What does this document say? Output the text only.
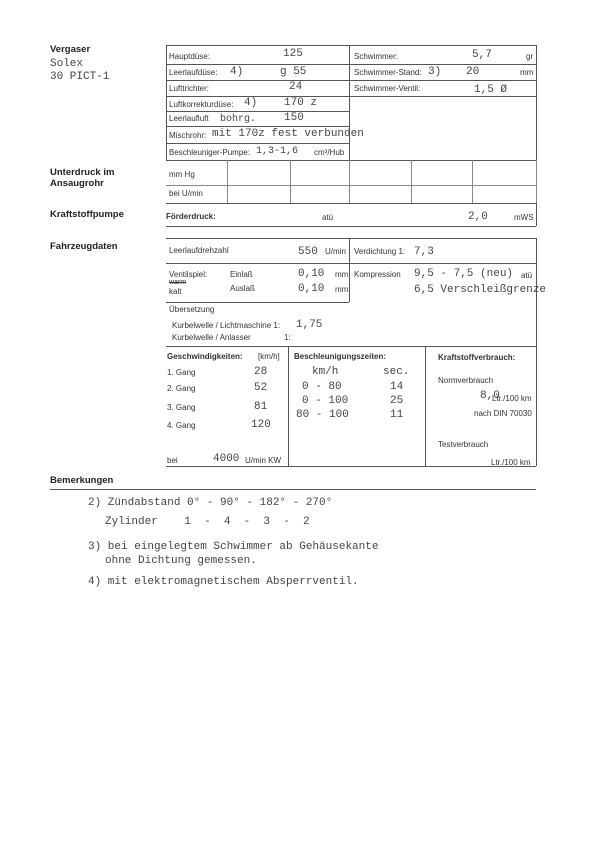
Vergaser
Solex
30 PICT-1
Hauptdüse:	125
Leerlaufdüse: 4)	g 55
Lufttrichter:	24
Luftkorrekturdüse: 4) 170 z
Leerlaufluft bohrg.	150
Mischrohr: mit 170z fest verbunden
Beschleuniger-Pumpe: 1,3-1,6 cm³/Hub
Schwimmer:	5,7	gr
Schwimmer-Stand: 3) 20	mm
Schwimmer-Ventil:	1,5 Ø
Unterdruck im
Ansaugrohr
mm Hg
bei U/min
Kraftstoffpumpe	Förderdruck:	atü	2,0	mWS
Fahrzeugdaten	Leerlaufdrehzahl	550 U/min Verdichtung 1: 7,3
Ventilspiel:
warm
kalt
Einlaß	0,10 mm
Auslaß	0,10 mm
Kompression 9,5 - 7,5 (neu) atü
6,5 Verschleißgrenze
Übersetzung
Kurbelwelle / Lichtmaschine 1: 1,75
Kurbelwelle / Anlasser	1:
Geschwindigkeiten: [km/h]
1. Gang	28
2. Gang	52
3. Gang	81
4. Gang	120
bei	4000 U/min KW
Beschleunigungszeiten:
km/h	sec.
0 - 80	14
0 - 100	25
80 - 100	11
Kraftstoffverbrauch:
Normverbrauch
8,0
Ltr./100 km
nach DIN 70030
Testverbrauch
Ltr./100 km
Bemerkungen
2) Zündabstand 0° - 90° - 182° - 270°
Zylinder    1  -  4  -  3  -  2
3) bei eingelegtem Schwimmer ab Gehäusekante
ohne Dichtung gemessen.
4) mit elektromagnetischem Absperrventil.
